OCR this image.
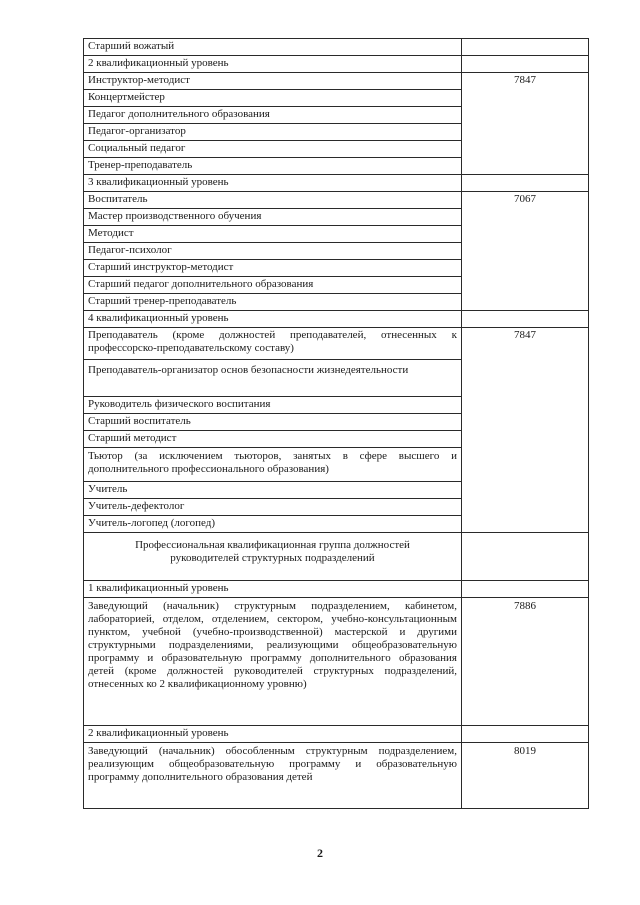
Старший вожатый	
2 квалификационный уровень	
Инструктор-методист	7847
Концертмейстер	
Педагог дополнительного образования	
Педагог-организатор	
Социальный педагог	
Тренер-преподаватель	
3 квалификационный уровень	
Воспитатель	7067
Мастер производственного обучения	
Методист	
Педагог-психолог	
Старший инструктор-методист	
Старший педагог дополнительного образования	
Старший тренер-преподаватель	
4 квалификационный уровень	
Преподаватель (кроме должностей преподавателей, отнесенных к профессорско-преподавательскому составу)	7847
Преподаватель-организатор основ безопасности жизнедеятельности	
Руководитель физического воспитания	
Старший воспитатель	
Старший методист	
Тьютор (за исключением тьюторов, занятых в сфере высшего и дополнительного профессионального образования)	
Учитель	
Учитель-дефектолог	
Учитель-логопед (логопед)	

Профессиональная квалификационная группа должностей
руководителей структурных подразделений	

1 квалификационный уровень	
Заведующий (начальник) структурным подразделением, кабинетом, лабораторией, отделом, отделением, сектором, учебно-консультационным пунктом, учебной (учебно-производственной) мастерской и другими структурными подразделениями, реализующими общеобразовательную программу и образовательную программу дополнительного образования детей (кроме должностей руководителей структурных подразделений, отнесенных ко 2 квалификационному уровню)	7886
2 квалификационный уровень	
Заведующий (начальник) обособленным структурным подразделением, реализующим общеобразовательную программу и образовательную программу дополнительного образования детей	8019
2
